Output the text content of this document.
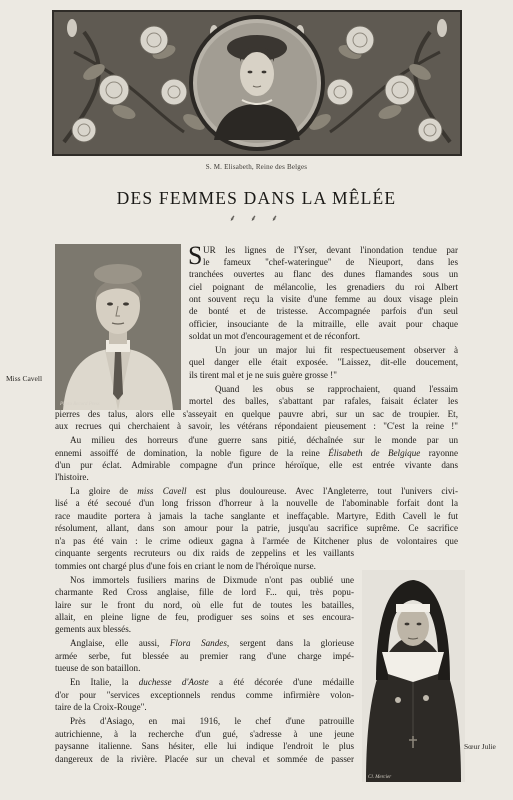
S. M. Elisabeth, Reine des Belges
DES FEMMES DANS LA MÊLÉE
⸙ ⸙ ⸙
Miss Cavell
Photo Record Press
Sœur Julie
Cl. Mercier
S UR les lignes de l'Yser, devant l'inondation tendue par
le fameux "chef-wateringue" de Nieuport, dans les
tranchées ouvertes au flanc des dunes flamandes sous un
ciel poignant de mélancolie, les grenadiers du roi Albert
ont souvent reçu la visite d'une femme au doux visage plein
de bonté et de tristesse. Accompagnée parfois d'un seul
officier, insouciante de la mitraille, elle avait pour chaque
soldat un mot d'encouragement et de réconfort.
Un jour un major lui fit respectueusement observer à
quel danger elle était exposée. "Laissez, dit-elle doucement,
ils tirent mal et je ne suis guère grosse !"
Quand les obus se rapprochaient, quand l'essaim
mortel des balles, s'abattant par rafales, faisait éclater les
pierres des talus, alors elle s'asseyait en quelque pauvre abri, sur un sac de troupier. Et,
aux recrues qui cherchaient à savoir, les vétérans répondaient pieusement : "C'est la reine !"
Au milieu des horreurs d'une guerre sans pitié, déchaînée sur le monde par un
ennemi assoiffé de domination, la noble figure de la reine Élisabeth de Belgique rayonne
d'un pur éclat. Admirable compagne d'un prince héroïque, elle est entrée vivante dans
l'histoire.
La gloire de miss Cavell est plus douloureuse. Avec l'Angleterre, tout l'univers civi-
lisé a été secoué d'un long frisson d'horreur à la nouvelle de l'abominable forfait dont la
race maudite portera à jamais la tache sanglante et ineffaçable. Martyre, Edith Cavell le fut
résolument, allant, dans son amour pour la patrie, jusqu'au sacrifice suprême. Ce sacrifice
n'a pas été vain : le crime odieux gagna à l'armée de Kitchener plus de volontaires que
cinquante sergents recruteurs ou dix raids de zeppelins et les vaillants
tommies ont chargé plus d'une fois en criant le nom de l'héroïque nurse.
Nos immortels fusiliers marins de Dixmude n'ont pas oublié une
charmante Red Cross anglaise, fille de lord F... qui, très popu-
laire sur le front du nord, où elle fut de toutes les batailles,
allait, en pleine ligne de feu, prodiguer ses soins et ses encoura-
gements aux blessés.
Anglaise, elle aussi, Flora Sandes, sergent dans la glorieuse
armée serbe, fut blessée au premier rang d'une charge impé-
tueuse de son bataillon.
En Italie, la duchesse d'Aoste a été décorée d'une médaille
d'or pour "services exceptionnels rendus comme infirmière volon-
taire de la Croix-Rouge".
Près d'Asiago, en mai 1916, le chef d'une patrouille
autrichienne, à la recherche d'un gué, s'adresse à une jeune
paysanne italienne. Sans hésiter, elle lui indique l'endroit le plus
dangereux de la rivière. Placée sur un cheval et sommée de passer
